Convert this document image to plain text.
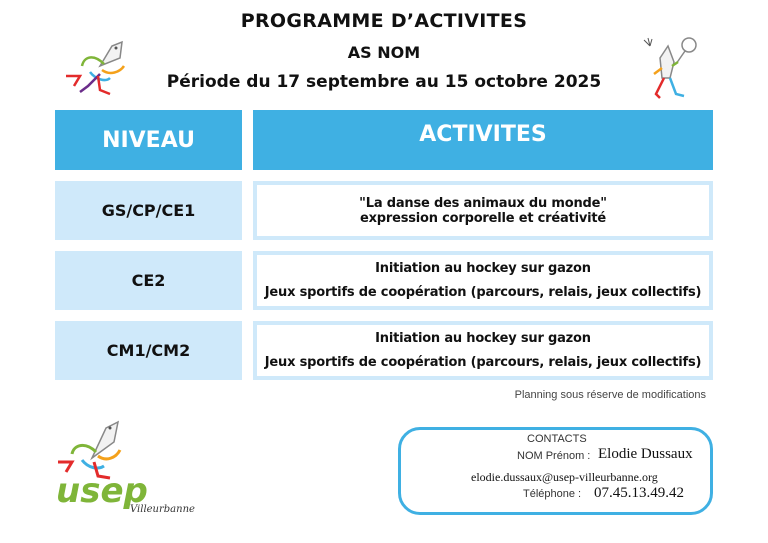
PROGRAMME D’ACTIVITES
AS NOM
Période du 17 septembre au 15 octobre 2025
NIVEAU	ACTIVITES
GS/CP/CE1	"La danse des animaux du monde"
expression corporelle et créativité
CE2
Initiation au hockey sur gazon
Jeux sportifs de coopération (parcours, relais, jeux collectifs)
CM1/CM2
Initiation au hockey sur gazon
Jeux sportifs de coopération (parcours, relais, jeux collectifs)
Planning sous réserve de modifications
usep
Villeurbanne
CONTACTS
NOM Prénom : Elodie Dussaux
elodie.dussaux@usep-villeurbanne.org
Téléphone : 07.45.13.49.42
